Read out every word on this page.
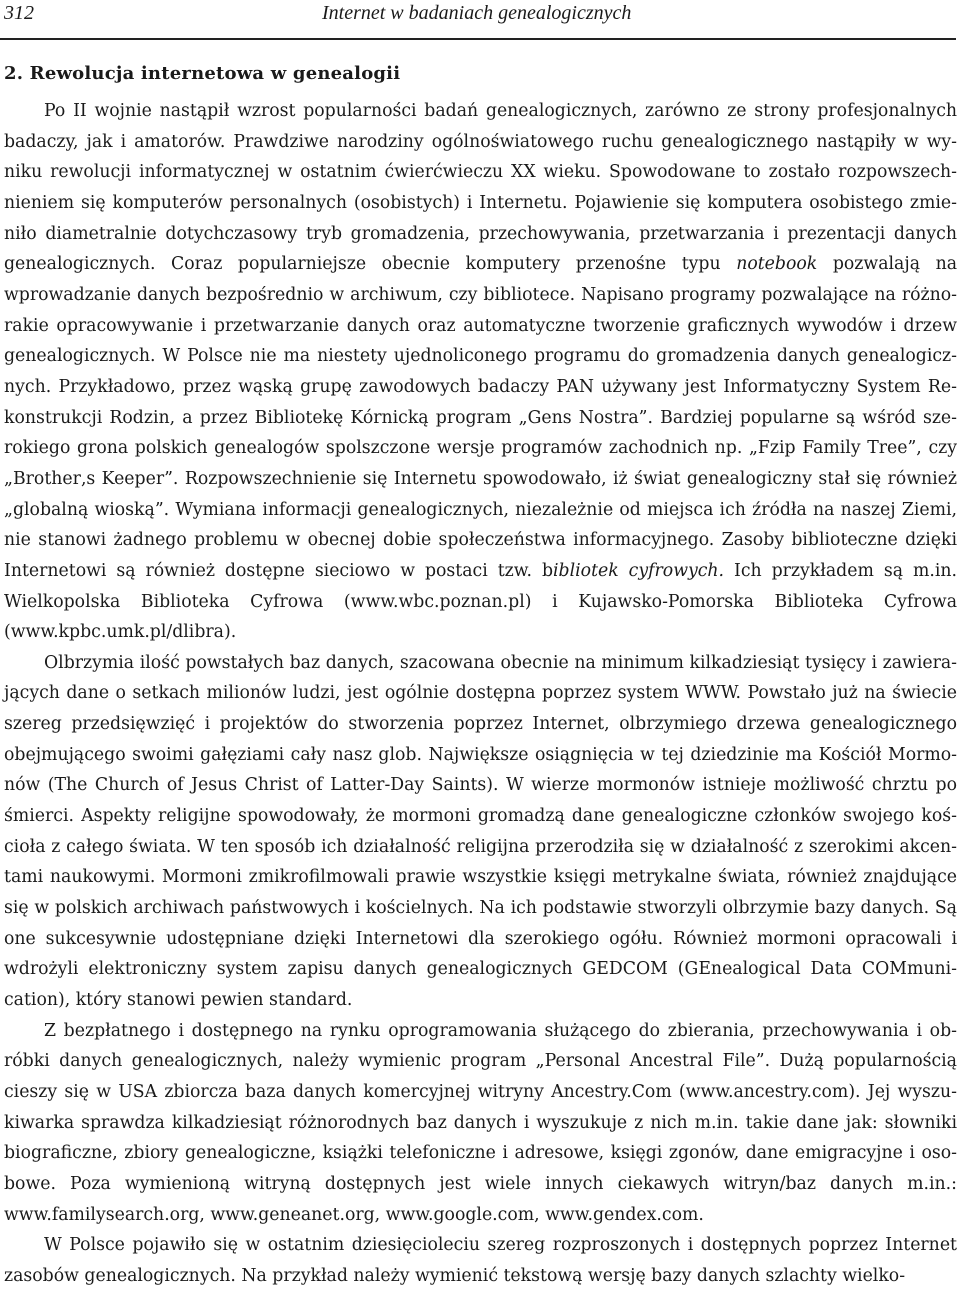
312	Internet w badaniach genealogicznych
2. Rewolucja internetowa w genealogii

Po II wojnie nastąpił wzrost popularności badań genealogicznych, zarówno ze strony profesjonalnych badaczy, jak i amatorów. Prawdziwe narodziny ogólnoświatowego ruchu genealogicznego nastąpiły w wyniku rewolucji informatycznej w ostatnim ćwierćwieczu XX wieku. Spowodowane to zostało rozpowszechnieniem się komputerów personalnych (osobistych) i Internetu. Pojawienie się komputera osobistego zmieniło diametralnie dotychczasowy tryb gromadzenia, przechowywania, przetwarzania i prezentacji danych genealogicznych. Coraz popularniejsze obecnie komputery przenośne typu notebook pozwalają na wprowadzanie danych bezpośrednio w archiwum, czy bibliotece. Napisano programy pozwalające na różnorakie opracowywanie i przetwarzanie danych oraz automatyczne tworzenie graficznych wywodów i drzew genealogicznych. W Polsce nie ma niestety ujednoliconego programu do gromadzenia danych genealogicznych. Przykładowo, przez wąską grupę zawodowych badaczy PAN używany jest Informatyczny System Rekonstrukcji Rodzin, a przez Bibliotekę Kórnicką program „Gens Nostra”. Bardziej popularne są wśród szerokiego grona polskich genealogów spolszczone wersje programów zachodnich np. „Fzip Family Tree”, czy „Brother‚s Keeper”. Rozpowszechnienie się Internetu spowodowało, iż świat genealogiczny stał się również „globalną wioską”. Wymiana informacji genealogicznych, niezależnie od miejsca ich źródła na naszej Ziemi, nie stanowi żadnego problemu w obecnej dobie społeczeństwa informacyjnego. Zasoby biblioteczne dzięki Internetowi są również dostępne sieciowo w postaci tzw. bibliotek cyfrowych. Ich przykładem są m.in. Wielkopolska Biblioteka Cyfrowa (www.wbc.poznan.pl) i Kujawsko-Pomorska Biblioteka Cyfrowa (www.kpbc.umk.pl/dlibra).

Olbrzymia ilość powstałych baz danych, szacowana obecnie na minimum kilkadziesiąt tysięcy i zawierających dane o setkach milionów ludzi, jest ogólnie dostępna poprzez system WWW. Powstało już na świecie szereg przedsięwzięć i projektów do stworzenia poprzez Internet, olbrzymiego drzewa genealogicznego obejmującego swoimi gałęziami cały nasz glob. Największe osiągnięcia w tej dziedzinie ma Kościół Mormonów (The Church of Jesus Christ of Latter-Day Saints). W wierze mormonów istnieje możliwość chrztu po śmierci. Aspekty religijne spowodowały, że mormoni gromadzą dane genealogiczne członków swojego kościoła z całego świata. W ten sposób ich działalność religijna przerodziła się w działalność z szerokimi akcentami naukowymi. Mormoni zmikrofilmowali prawie wszystkie księgi metrykalne świata, również znajdujące się w polskich archiwach państwowych i kościelnych. Na ich podstawie stworzyli olbrzymie bazy danych. Są one sukcesywnie udostępniane dzięki Internetowi dla szerokiego ogółu. Również mormoni opracowali i wdrożyli elektroniczny system zapisu danych genealogicznych GEDCOM (GEnealogical Data COMmunication), który stanowi pewien standard.

Z bezpłatnego i dostępnego na rynku oprogramowania służącego do zbierania, przechowywania i obróbki danych genealogicznych, należy wymienic program „Personal Ancestral File”. Dużą popularnością cieszy się w USA zbiorcza baza danych komercyjnej witryny Ancestry.Com (www.ancestry.com). Jej wyszukiwarka sprawdza kilkadziesiąt różnorodnych baz danych i wyszukuje z nich m.in. takie dane jak: słowniki biograficzne, zbiory genealogiczne, książki telefoniczne i adresowe, księgi zgonów, dane emigracyjne i osobowe. Poza wymienioną witryną dostępnych jest wiele innych ciekawych witryn/baz danych m.in.: www.familysearch.org, www.geneanet.org, www.google.com, www.gendex.com.

W Polsce pojawiło się w ostatnim dziesięcioleciu szereg rozproszonych i dostępnych poprzez Internet zasobów genealogicznych. Na przykład należy wymienić tekstową wersję bazy danych szlachty wielko-
